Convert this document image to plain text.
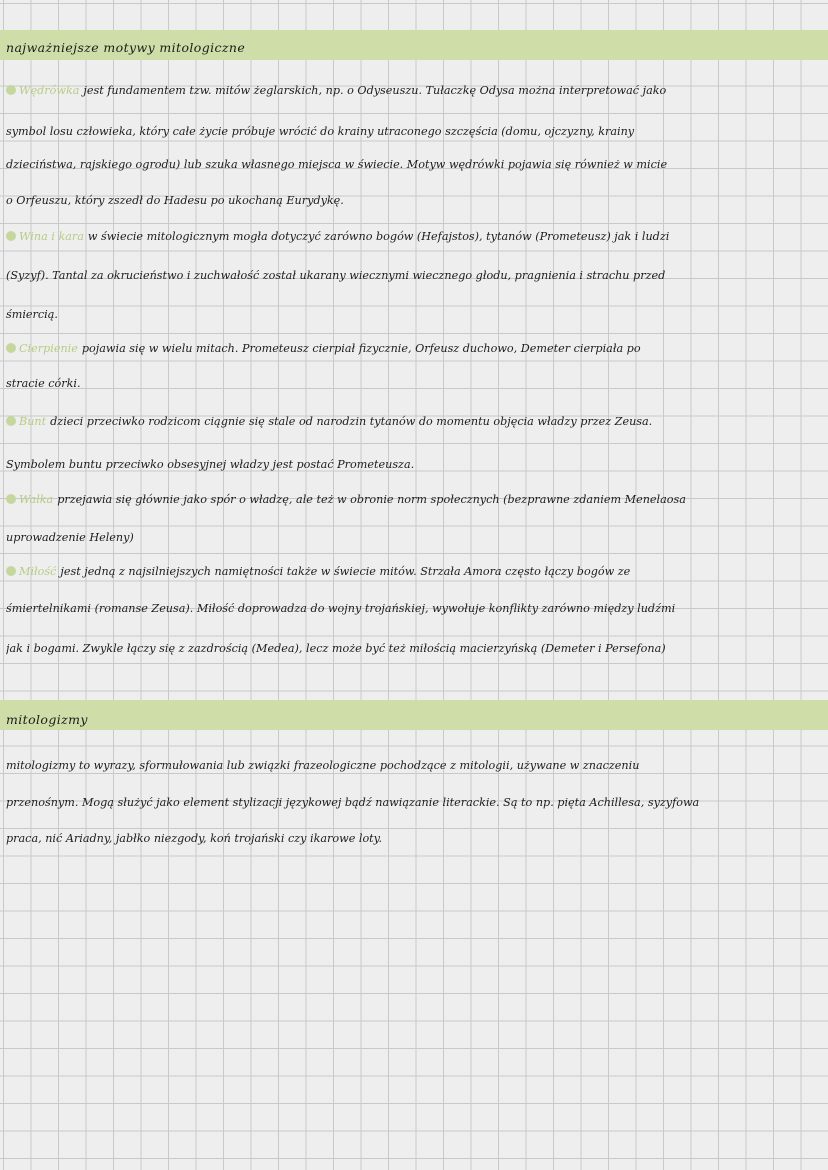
najważniejsze motywy mitologiczne
Wędrówka jest fundamentem tzw. mitów żeglarskich, np. o Odyseuszu. Tułaczkę Odysa można interpretować jako
symbol losu człowieka, który całe życie próbuje wrócić do krainy utraconego szczęścia (domu, ojczyzny, krainy
dzieciństwa, rajskiego ogrodu) lub szuka własnego miejsca w świecie. Motyw wędrówki pojawia się również w micie
o Orfeuszu, który zszedł do Hadesu po ukochaną Eurydykę.
Wina i kara w świecie mitologicznym mogła dotyczyć zarówno bogów (Hefajstos), tytanów (Prometeusz) jak i ludzi
(Syzyf). Tantal za okrucieństwo i zuchwałość został ukarany wiecznymi wiecznego głodu, pragnienia i strachu przed
śmiercią.
Cierpienie pojawia się w wielu mitach. Prometeusz cierpiał fizycznie, Orfeusz duchowo, Demeter cierpiała po
stracie córki.
Bunt dzieci przeciwko rodzicom ciągnie się stale od narodzin tytanów do momentu objęcia władzy przez Zeusa.
Symbolem buntu przeciwko obsesyjnej władzy jest postać Prometeusza.
Walka przejawia się głównie jako spór o władzę, ale też w obronie norm społecznych (bezprawne zdaniem Menelaosa
uprowadzenie Heleny)
Miłość jest jedną z najsilniejszych namiętności także w świecie mitów. Strzała Amora często łączy bogów ze
śmiertelnikami (romanse Zeusa). Miłość doprowadza do wojny trojańskiej, wywołuje konflikty zarówno między ludźmi
jak i bogami. Zwykle łączy się z zazdrością (Medea), lecz może być też miłością macierzyńską (Demeter i Persefona)
mitologizmy
mitologizmy to wyrazy, sformułowania lub związki frazeologiczne pochodzące z mitologii, używane w znaczeniu
przenośnym. Mogą służyć jako element stylizacji językowej bądź nawiązanie literackie. Są to np. pięta Achillesa, syzyfowa
praca, nić Ariadny, jabłko niezgody, koń trojański czy ikarowe loty.
